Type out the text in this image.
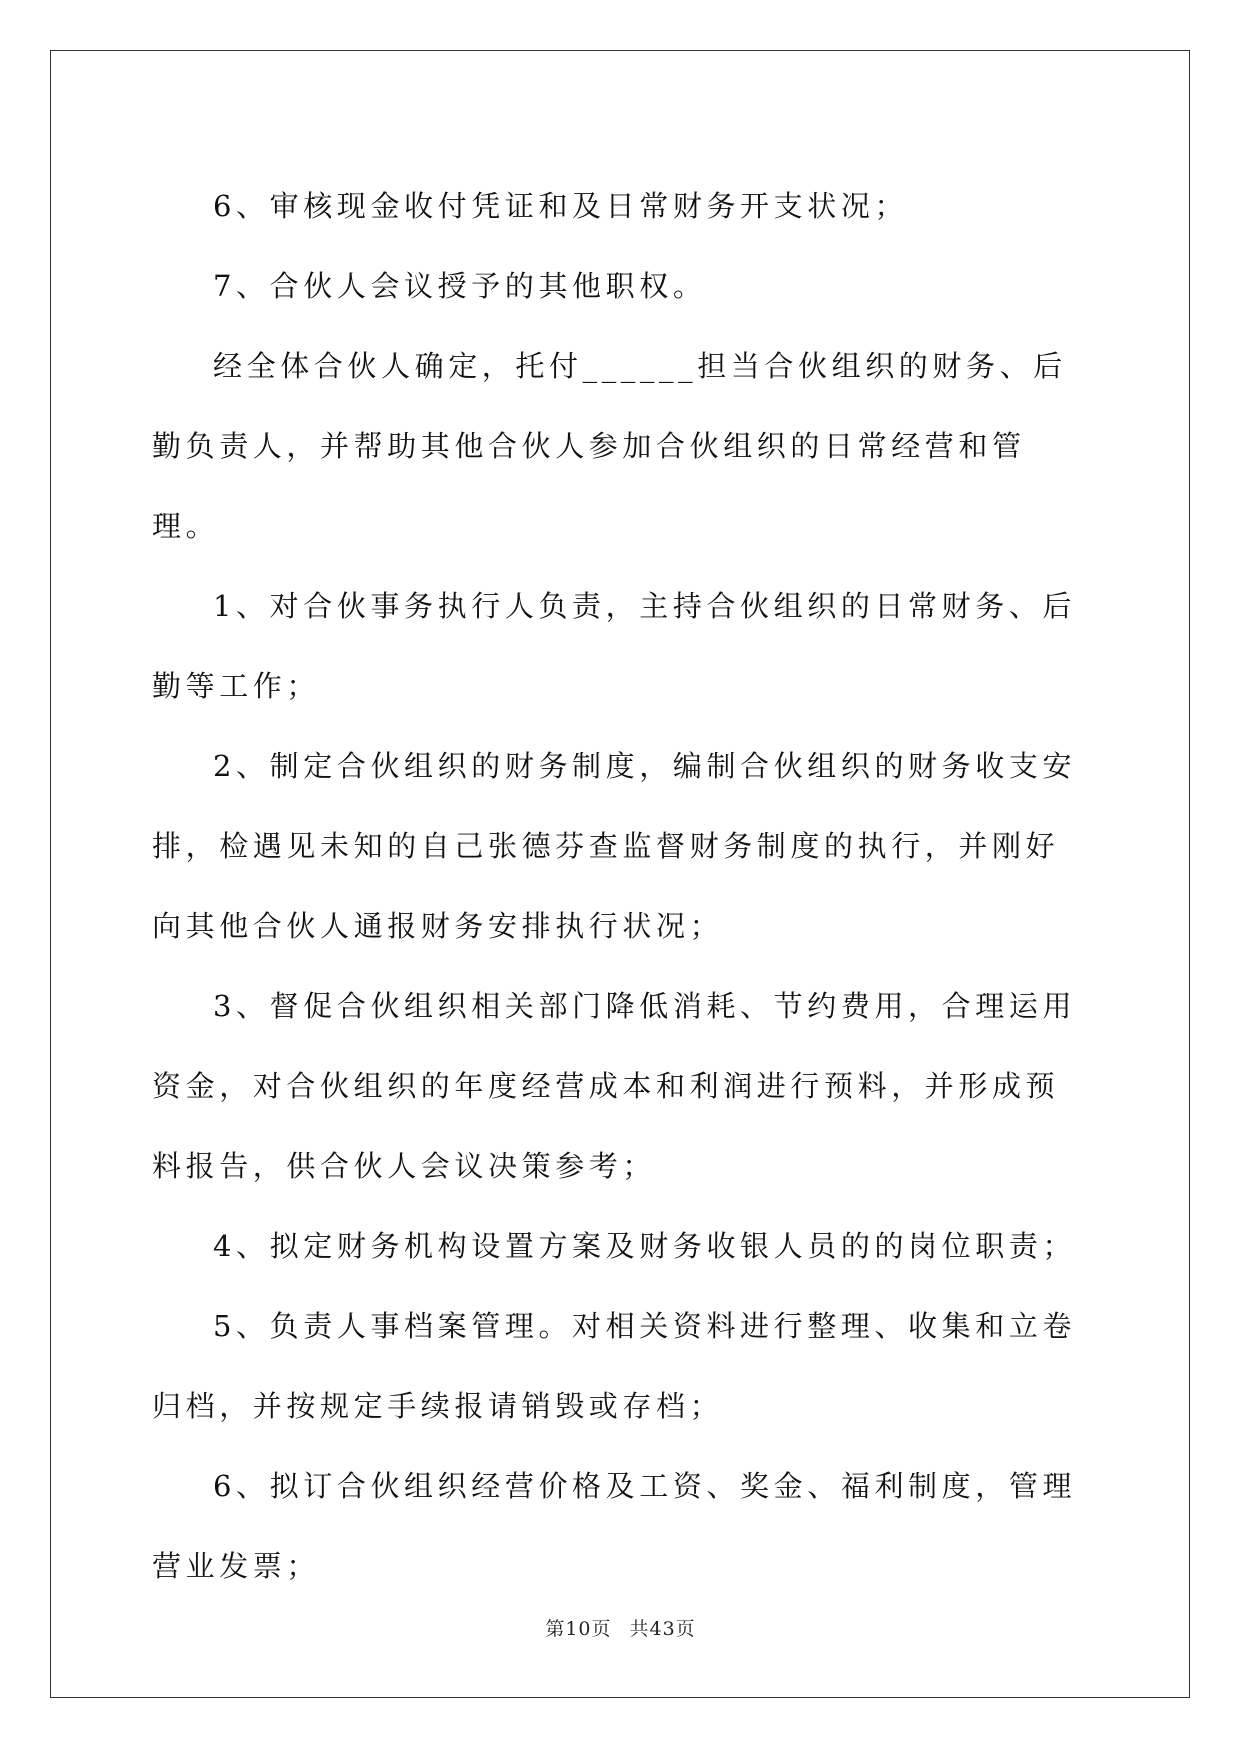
6、审核现金收付凭证和及日常财务开支状况；

7、合伙人会议授予的其他职权。

经全体合伙人确定，托付______担当合伙组织的财务、后勤负责人，并帮助其他合伙人参加合伙组织的日常经营和管理。

1、对合伙事务执行人负责，主持合伙组织的日常财务、后勤等工作；

2、制定合伙组织的财务制度，编制合伙组织的财务收支安排，检遇见未知的自己张德芬查监督财务制度的执行，并刚好向其他合伙人通报财务安排执行状况；

3、督促合伙组织相关部门降低消耗、节约费用，合理运用资金，对合伙组织的年度经营成本和利润进行预料，并形成预料报告，供合伙人会议决策参考；

4、拟定财务机构设置方案及财务收银人员的的岗位职责；

5、负责人事档案管理。对相关资料进行整理、收集和立卷归档，并按规定手续报请销毁或存档；

6、拟订合伙组织经营价格及工资、奖金、福利制度，管理营业发票；

第10页 共43页
